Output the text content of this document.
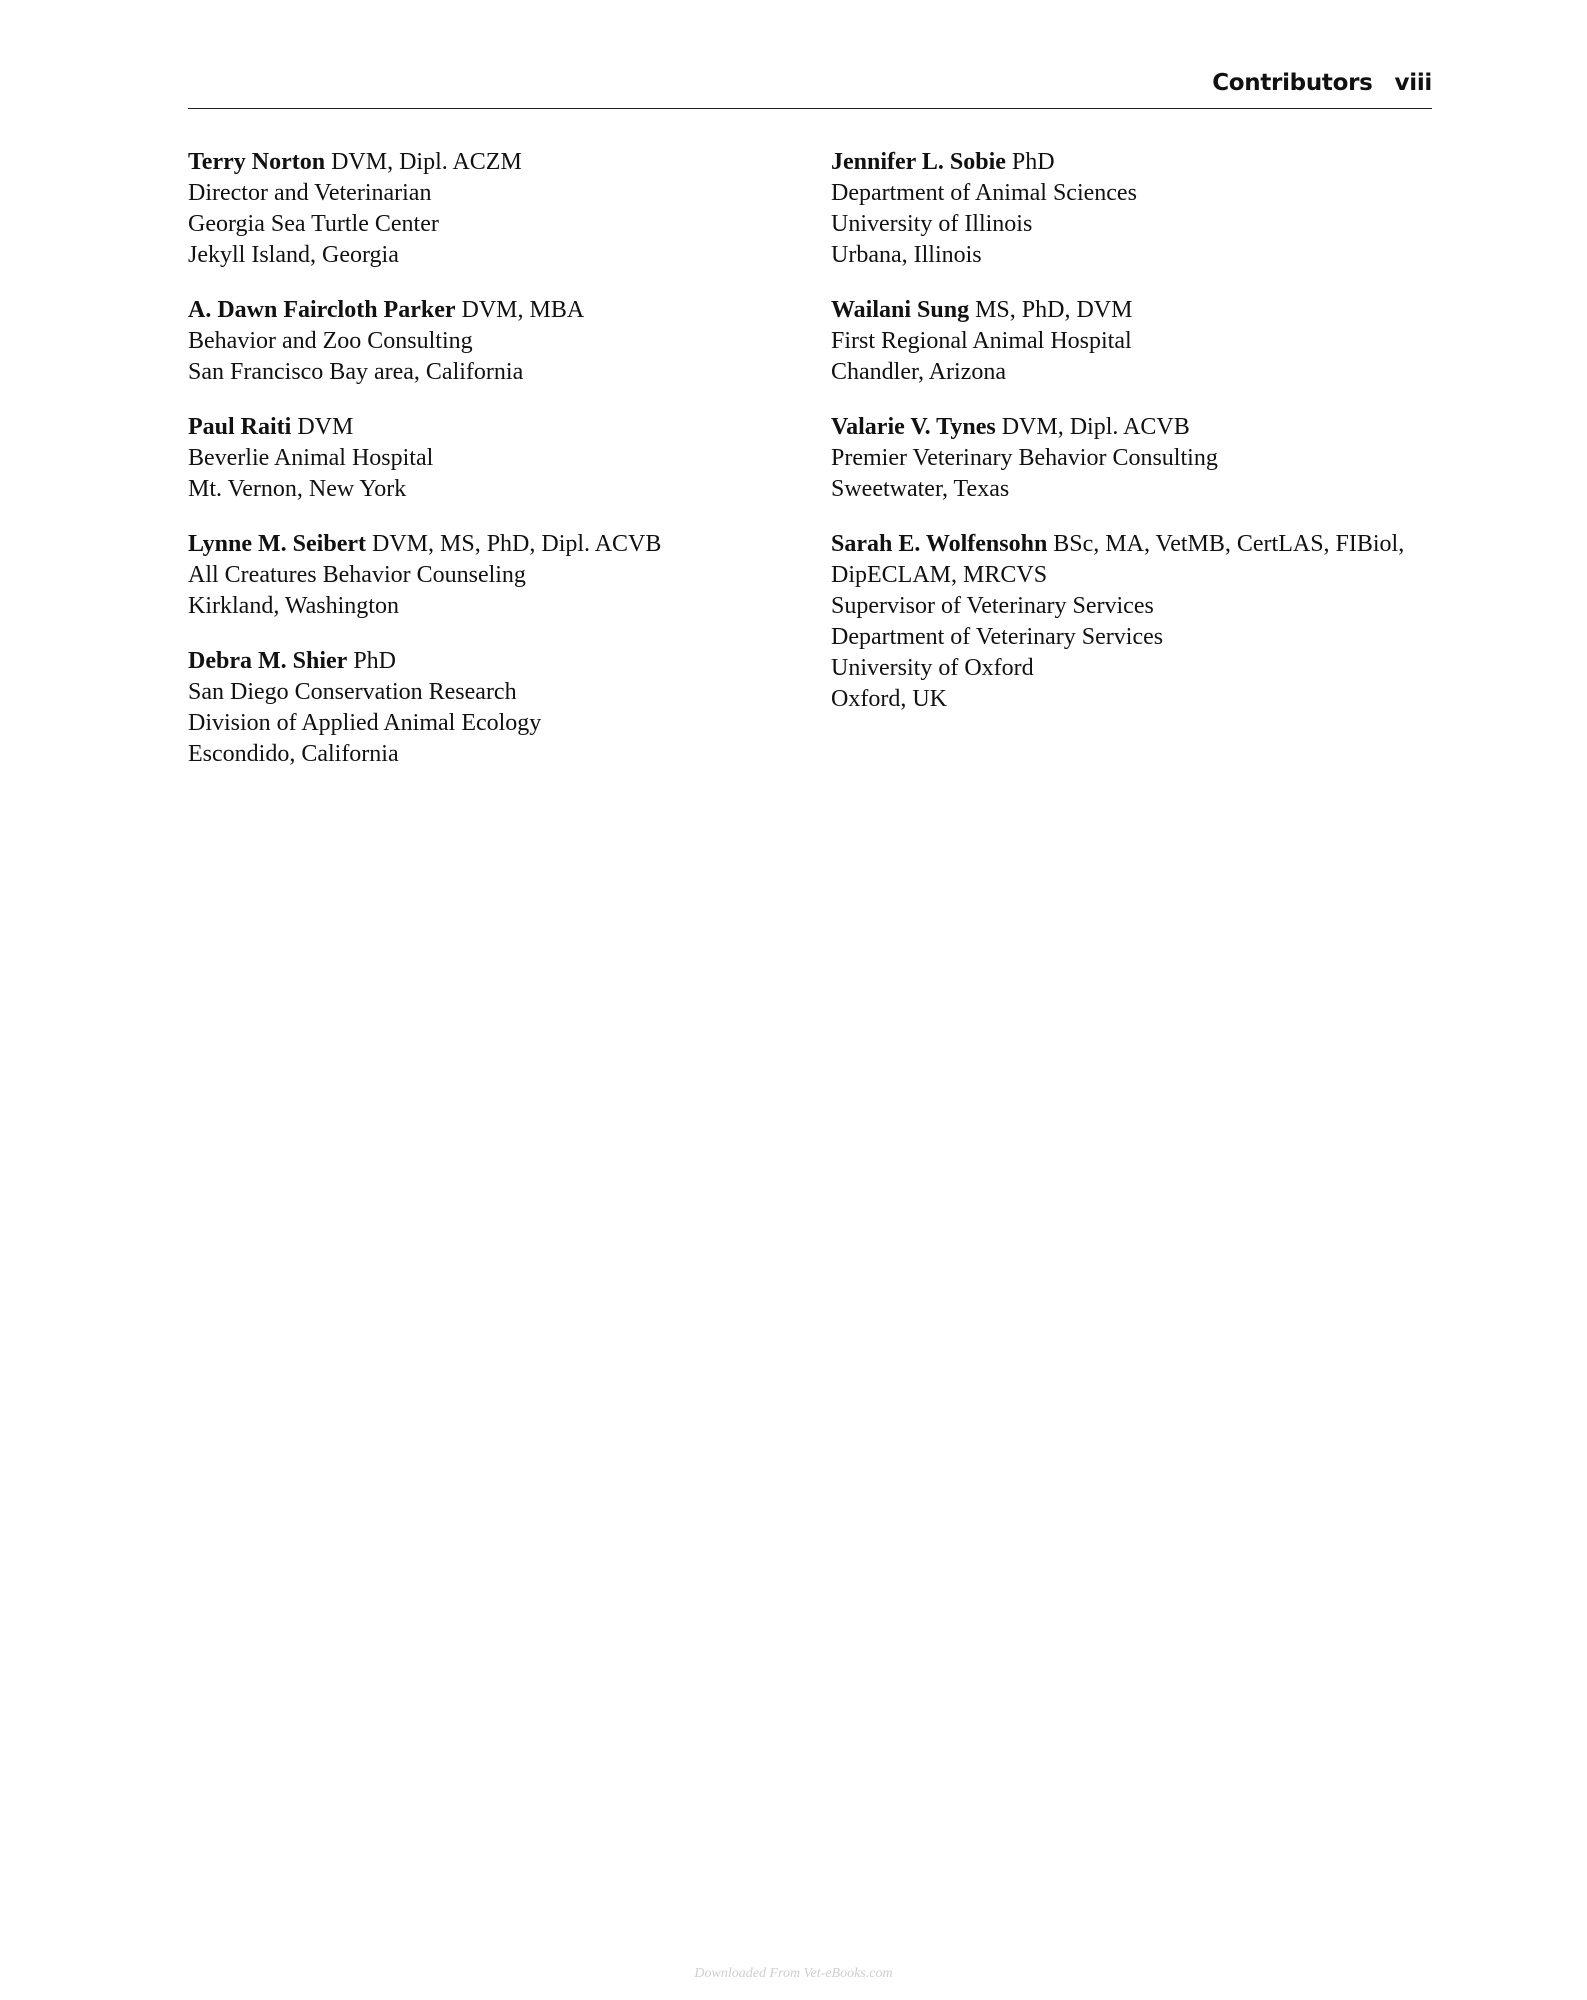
Contributors viii
Terry Norton DVM, Dipl. ACZM
Director and Veterinarian
Georgia Sea Turtle Center
Jekyll Island, Georgia
A. Dawn Faircloth Parker DVM, MBA
Behavior and Zoo Consulting
San Francisco Bay area, California
Paul Raiti DVM
Beverlie Animal Hospital
Mt. Vernon, New York
Lynne M. Seibert DVM, MS, PhD, Dipl. ACVB
All Creatures Behavior Counseling
Kirkland, Washington
Debra M. Shier PhD
San Diego Conservation Research
Division of Applied Animal Ecology
Escondido, California
Jennifer L. Sobie PhD
Department of Animal Sciences
University of Illinois
Urbana, Illinois
Wailani Sung MS, PhD, DVM
First Regional Animal Hospital
Chandler, Arizona
Valarie V. Tynes DVM, Dipl. ACVB
Premier Veterinary Behavior Consulting
Sweetwater, Texas
Sarah E. Wolfensohn BSc, MA, VetMB, CertLAS, FIBiol,
DipECLAM, MRCVS
Supervisor of Veterinary Services
Department of Veterinary Services
University of Oxford
Oxford, UK
Downloaded From Vet-eBooks.com
